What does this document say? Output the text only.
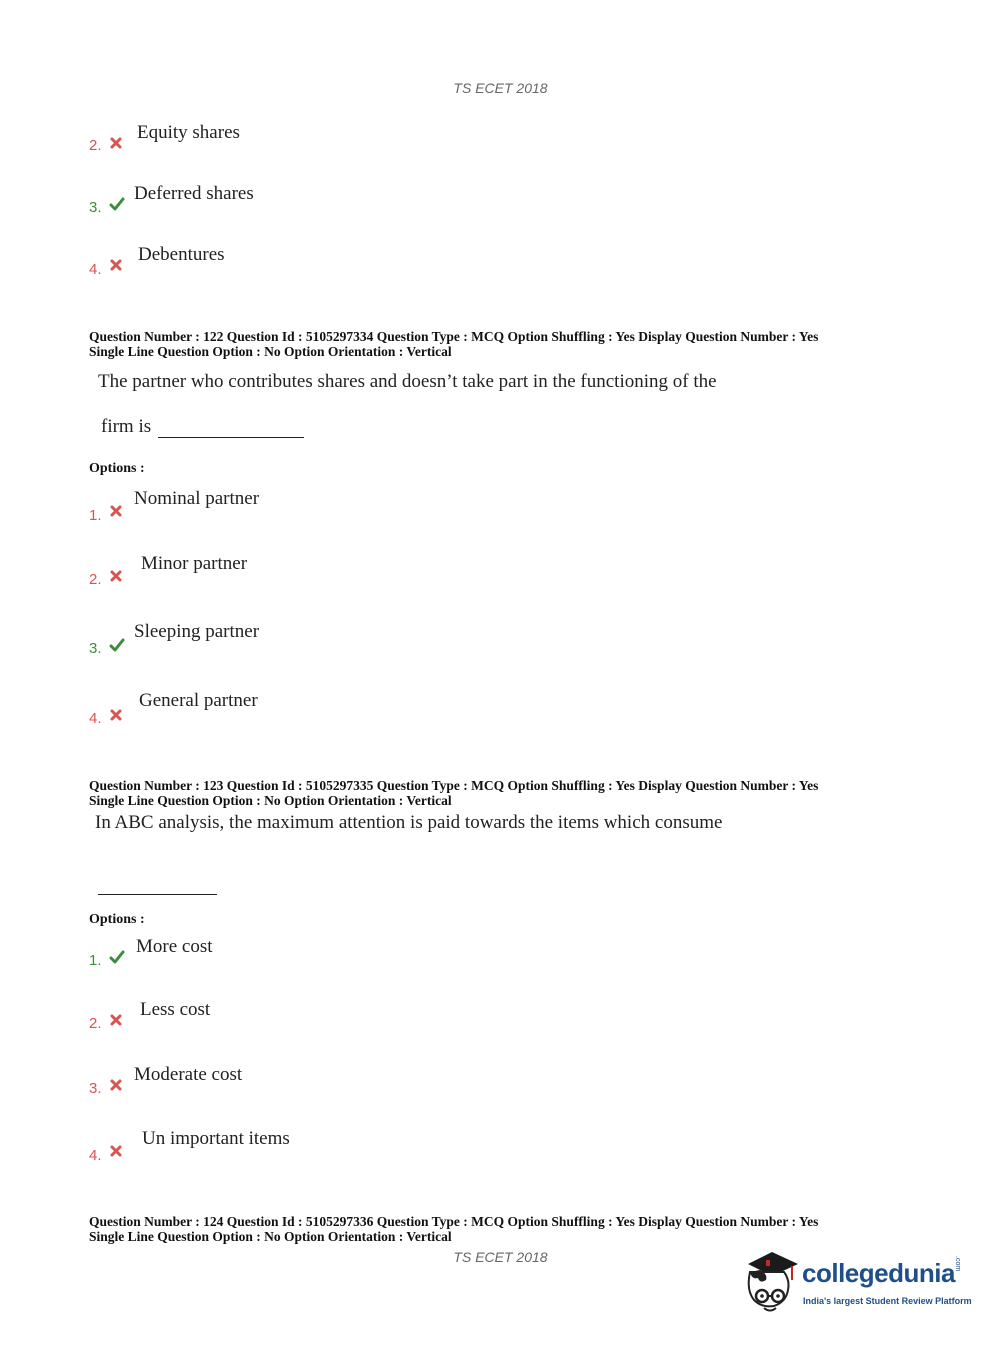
TS ECET 2018
2.
Equity shares
3.
Deferred shares
4.
Debentures
Question Number : 122 Question Id : 5105297334 Question Type : MCQ Option Shuffling : Yes Display Question Number : Yes
Single Line Question Option : No Option Orientation : Vertical
The partner who contributes shares and doesn’t take part in the functioning of the
firm is
Options :
1.
Nominal partner
2.
Minor partner
3.
Sleeping partner
4.
General partner
Question Number : 123 Question Id : 5105297335 Question Type : MCQ Option Shuffling : Yes Display Question Number : Yes
Single Line Question Option : No Option Orientation : Vertical
In ABC analysis, the maximum attention is paid towards the items which consume
Options :
1.
More cost
2.
Less cost
3.
Moderate cost
4.
Un important items
Question Number : 124 Question Id : 5105297336 Question Type : MCQ Option Shuffling : Yes Display Question Number : Yes
Single Line Question Option : No Option Orientation : Vertical
TS ECET 2018
collegedunia .com
India's largest Student Review Platform
